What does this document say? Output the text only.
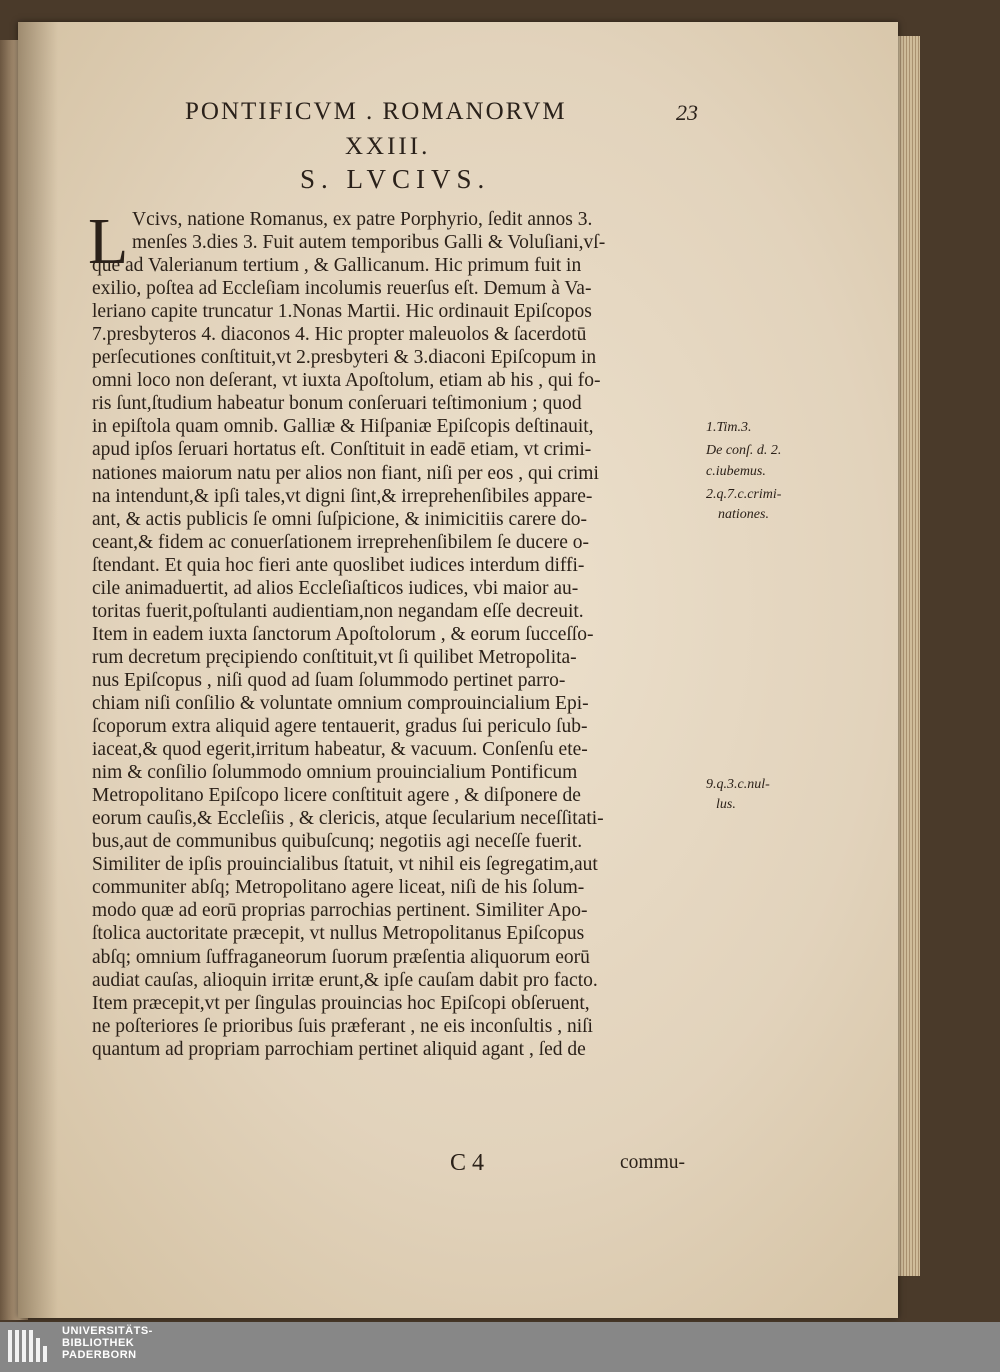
PONTIFICVM . ROMANORVM	23
XXIII.
S. LVCIVS.
L Vcivs, natione Romanus, ex patre Porphyrio, ſedit annos 3.
menſes 3.dies 3. Fuit autem temporibus Galli & Voluſiani,vſ-
que ad Valerianum tertium , & Gallicanum. Hic primum fuit in
exilio, poſtea ad Eccleſiam incolumis reuerſus eſt. Demum à Va-
leriano capite truncatur 1.Nonas Martii. Hic ordinauit Epiſcopos
7.presbyteros 4. diaconos 4. Hic propter maleuolos & ſacerdotū
perſecutiones conſtituit,vt 2.presbyteri & 3.diaconi Epiſcopum in
omni loco non deſerant, vt iuxta Apoſtolum, etiam ab his , qui fo-
ris ſunt,ſtudium habeatur bonum conſeruari teſtimonium ; quod
in epiſtola quam omnib. Galliæ & Hiſpaniæ Epiſcopis deſtinauit,
apud ipſos ſeruari hortatus eſt. Conſtituit in eadē etiam, vt crimi-
nationes maiorum natu per alios non fiant, niſi per eos , qui crimi
na intendunt,& ipſi tales,vt digni ſint,& irreprehenſibiles appare-
ant, & actis publicis ſe omni ſuſpicione, & inimicitiis carere do-
ceant,& fidem ac conuerſationem irreprehenſibilem ſe ducere o-
ſtendant. Et quia hoc fieri ante quoslibet iudices interdum diffi-
cile animaduertit, ad alios Eccleſiaſticos iudices, vbi maior au-
toritas fuerit,poſtulanti audientiam,non negandam eſſe decreuit.
Item in eadem iuxta ſanctorum Apoſtolorum , & eorum ſucceſſo-
rum decretum pręcipiendo conſtituit,vt ſi quilibet Metropolita-
nus Epiſcopus , niſi quod ad ſuam ſolummodo pertinet parro-
chiam niſi conſilio & voluntate omnium comprouincialium Epi-
ſcoporum extra aliquid agere tentauerit, gradus ſui periculo ſub-
iaceat,& quod egerit,irritum habeatur, & vacuum. Conſenſu ete-
nim & conſilio ſolummodo omnium prouincialium Pontificum
Metropolitano Epiſcopo licere conſtituit agere , & diſponere de
eorum cauſis,& Eccleſiis , & clericis, atque ſecularium neceſſitati-
bus,aut de communibus quibuſcunq; negotiis agi neceſſe fuerit.
Similiter de ipſis prouincialibus ſtatuit, vt nihil eis ſegregatim,aut
communiter abſq; Metropolitano agere liceat, niſi de his ſolum-
modo quæ ad eorū proprias parrochias pertinent. Similiter Apo-
ſtolica auctoritate præcepit, vt nullus Metropolitanus Epiſcopus
abſq; omnium ſuffraganeorum ſuorum præſentia aliquorum eorū
audiat cauſas, alioquin irritæ erunt,& ipſe cauſam dabit pro facto.
Item præcepit,vt per ſingulas prouincias hoc Epiſcopi obſeruent,
ne poſteriores ſe prioribus ſuis præferant , ne eis inconſultis , niſi
quantum ad propriam parrochiam pertinet aliquid agant , ſed de
1.Tim.3.
De conſ. d. 2.
c.iubemus.
2.q.7.c.crimi-
nationes.
9.q.3.c.nul-
lus.
C 4	commu-
UNIVERSITÄTS-
BIBLIOTHEK
PADERBORN
